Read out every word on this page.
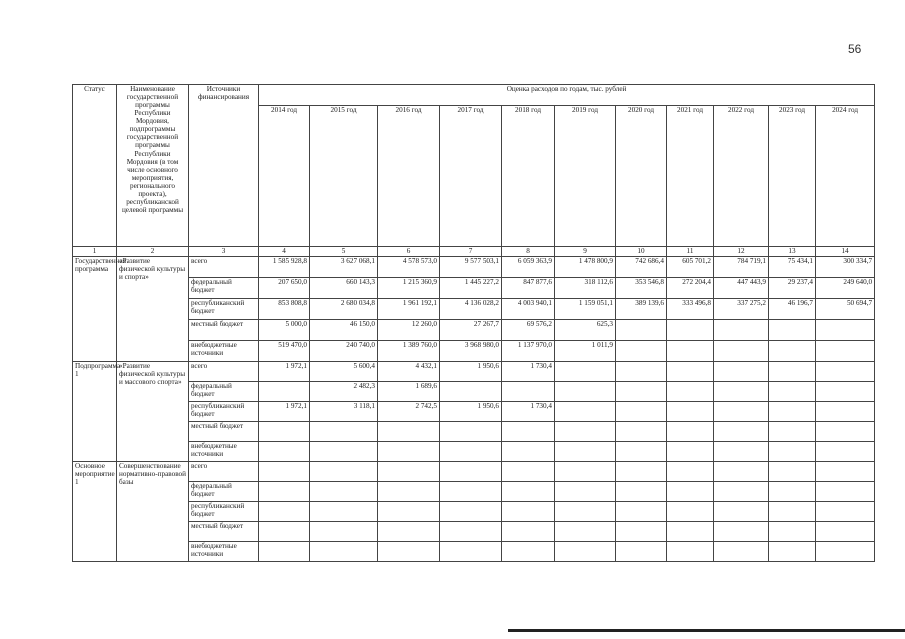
56
Статус	Наименование государственной программы Республики Мордовия, подпрограммы государственной программы Республики Мордовия (в том числе основного мероприятия, регионального проекта), республиканской целевой программы	Источники финансирования	Оценка расходов по годам, тыс. рублей										
			2014 год	2015 год	2016 год	2017 год	2018 год	2019 год	2020 год	2021 год	2022 год	2023 год	2024 год
1	2	3	4	5	6	7	8	9	10	11	12	13	14
Государственная программа	«Развитие физической культуры и спорта»	всего	1 585 928,8	3 627 068,1	4 578 573,0	9 577 503,1	6 059 363,9	1 478 800,9	742 686,4	605 701,2	784 719,1	75 434,1	300 334,7
		федеральный бюджет	207 650,0	660 143,3	1 215 360,9	1 445 227,2	847 877,6	318 112,6	353 546,8	272 204,4	447 443,9	29 237,4	249 640,0
		республиканский бюджет	853 808,8	2 680 034,8	1 961 192,1	4 136 028,2	4 003 940,1	1 159 051,1	389 139,6	333 496,8	337 275,2	46 196,7	50 694,7
		местный бюджет	5 000,0	46 150,0	12 260,0	27 267,7	69 576,2	625,3					
		внебюджетные источники	519 470,0	240 740,0	1 389 760,0	3 968 980,0	1 137 970,0	1 011,9					
Подпрограмма 1	«Развитие физической культуры и массового спорта»	всего	1 972,1	5 600,4	4 432,1	1 950,6	1 730,4						
		федеральный бюджет		2 482,3	1 689,6								
		республиканский бюджет	1 972,1	3 118,1	2 742,5	1 950,6	1 730,4						
		местный бюджет											
		внебюджетные источники											
Основное мероприятие 1	Совершенствование нормативно-правовой базы	всего											
		федеральный бюджет											
		республиканский бюджет											
		местный бюджет											
		внебюджетные источники											
